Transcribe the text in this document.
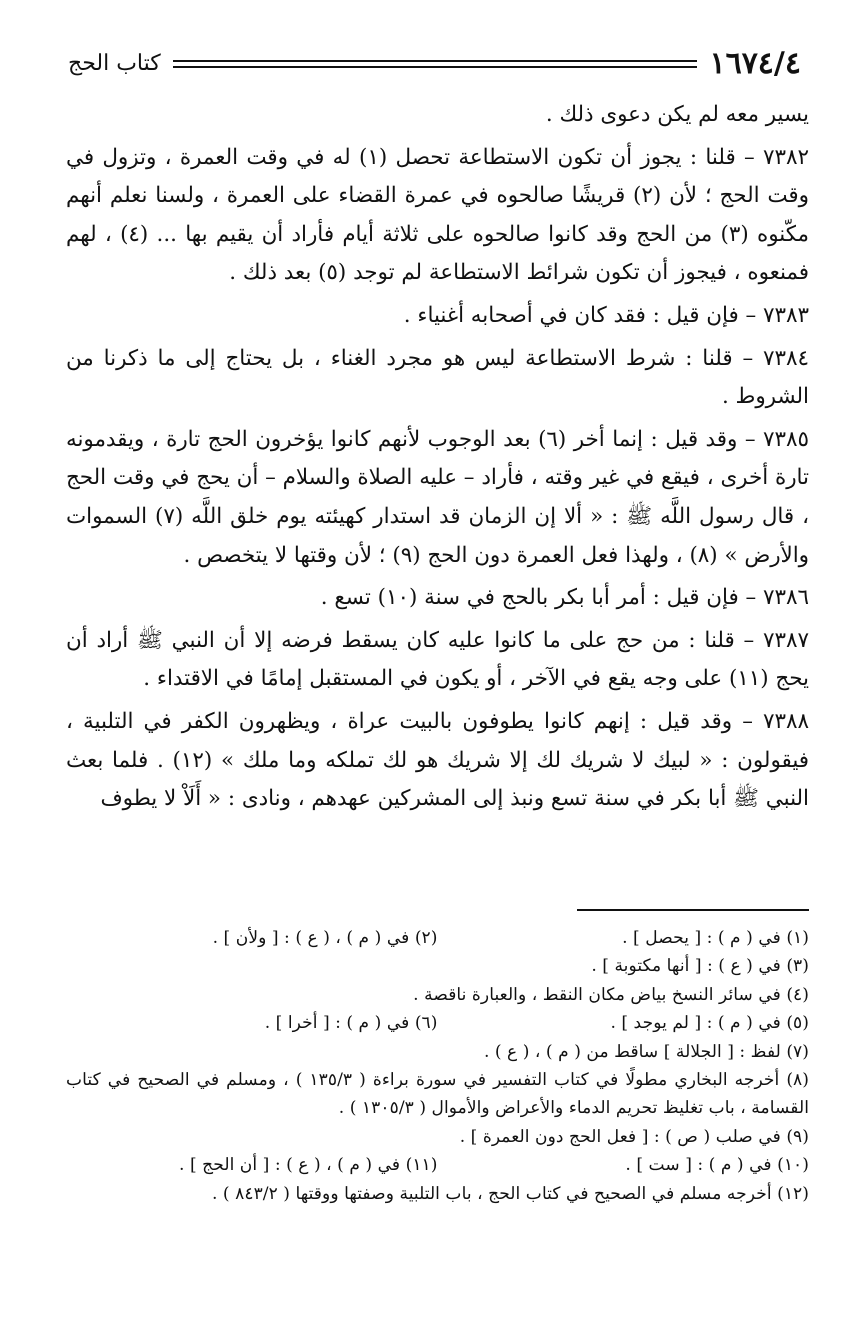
١٦٧٤/٤
كتاب الحج

يسير معه لم يكن دعوى ذلك .

٧٣٨٢ – قلنا : يجوز أن تكون الاستطاعة تحصل (١) له في وقت العمرة ، وتزول في وقت الحج ؛ لأن (٢) قريشًا صالحوه في عمرة القضاء على العمرة ، ولسنا نعلم أنهم مكّنوه (٣) من الحج وقد كانوا صالحوه على ثلاثة أيام فأراد أن يقيم بها ... (٤) ، لهم فمنعوه ، فيجوز أن تكون شرائط الاستطاعة لم توجد (٥) بعد ذلك .

٧٣٨٣ – فإن قيل : فقد كان في أصحابه أغنياء .

٧٣٨٤ – قلنا : شرط الاستطاعة ليس هو مجرد الغناء ، بل يحتاج إلى ما ذكرنا من الشروط .

٧٣٨٥ – وقد قيل : إنما أخر (٦) بعد الوجوب لأنهم كانوا يؤخرون الحج تارة ، ويقدمونه تارة أخرى ، فيقع في غير وقته ، فأراد – عليه الصلاة والسلام – أن يحج في وقت الحج ، قال رسول اللَّه ﷺ : « ألا إن الزمان قد استدار كهيئته يوم خلق اللَّه (٧) السموات والأرض » (٨) ، ولهذا فعل العمرة دون الحج (٩) ؛ لأن وقتها لا يتخصص .

٧٣٨٦ – فإن قيل : أمر أبا بكر بالحج في سنة (١٠) تسع .

٧٣٨٧ – قلنا : من حج على ما كانوا عليه كان يسقط فرضه إلا أن النبي ﷺ أراد أن يحج (١١) على وجه يقع في الآخر ، أو يكون في المستقبل إمامًا في الاقتداء .

٧٣٨٨ – وقد قيل : إنهم كانوا يطوفون بالبيت عراة ، ويظهرون الكفر في التلبية ، فيقولون : « لبيك لا شريك لك إلا شريك هو لك تملكه وما ملك » (١٢) . فلما بعث النبي ﷺ أبا بكر في سنة تسع ونبذ إلى المشركين عهدهم ، ونادى : « أَلَاْ لا يطوف

(١) في ( م ) : [ يحصل ] .
(٢) في ( م ) ، ( ع ) : [ ولأن ] .

(٣) في ( ع ) : [ أنها مكتوبة ] .

(٤) في سائر النسخ بياض مكان النقط ، والعبارة ناقصة .

(٥) في ( م ) : [ لم يوجد ] .
(٦) في ( م ) : [ أخرا ] .

(٧) لفظ : [ الجلالة ] ساقط من ( م ) ، ( ع ) .

(٨) أخرجه البخاري مطولًا في كتاب التفسير في سورة براءة ( ١٣٥/٣ ) ، ومسلم في الصحيح في كتاب القسامة ، باب تغليظ تحريم الدماء والأعراض والأموال ( ١٣٠٥/٣ ) .

(٩) في صلب ( ص ) : [ فعل الحج دون العمرة ] .

(١٠) في ( م ) : [ ست ] .
(١١) في ( م ) ، ( ع ) : [ أن الحج ] .

(١٢) أخرجه مسلم في الصحيح في كتاب الحج ، باب التلبية وصفتها ووقتها ( ٨٤٣/٢ ) .
